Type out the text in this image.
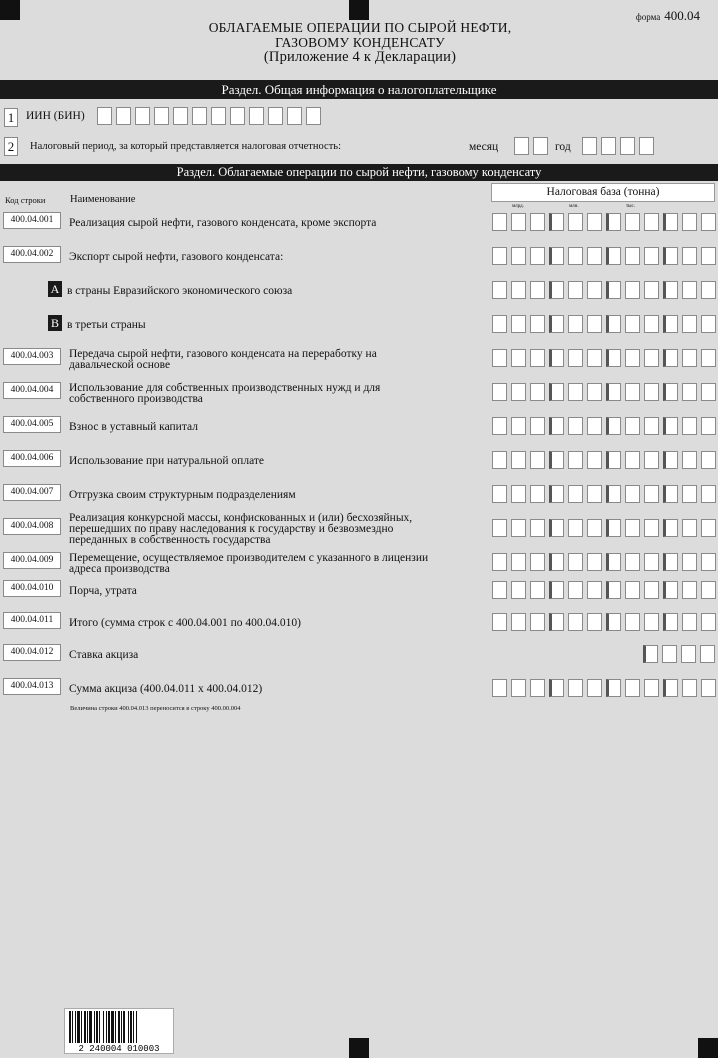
форма 400.04
ОБЛАГАЕМЫЕ ОПЕРАЦИИ ПО СЫРОЙ НЕФТИ,
ГАЗОВОМУ КОНДЕНСАТУ
(Приложение 4 к Декларации)
Раздел. Общая информация о налогоплательщике
1	ИИН (БИН)
2	Налоговый период, за который представляется налоговая отчетность:	месяц	год
Раздел. Облагаемые операции по сырой нефти, газовому конденсату
Код строки Наименование
Налоговая база (тонна)
млрд.	млн.	тыс.
400.04.001	Реализация сырой нефти, газового конденсата, кроме экспорта
400.04.002	Экспорт сырой нефти, газового конденсата:
A в страны Евразийского экономического союза
B в третьи страны
400.04.003	Передача сырой нефти, газового конденсата на переработку на
давальческой основе
400.04.004	Использование для собственных производственных нужд и для
собственного производства
400.04.005	Взнос в уставный капитал
400.04.006	Использование при натуральной оплате
400.04.007	Отгрузка своим структурным подразделениям
400.04.008
Реализация конкурсной массы, конфискованных и (или) бесхозяйных,
перешедших по праву наследования к государству и безвозмездно
переданных в собственность государства
400.04.009	Перемещение, осуществляемое производителем с указанного в лицензии
адреса производства
400.04.010	Порча, утрата
400.04.011	Итого (сумма строк с 400.04.001 по 400.04.010)
400.04.012	Ставка акциза
400.04.013	Сумма акциза (400.04.011 x 400.04.012)
Величина строки 400.04.013 переносится в строку 400.00.004
2 240004 010003
